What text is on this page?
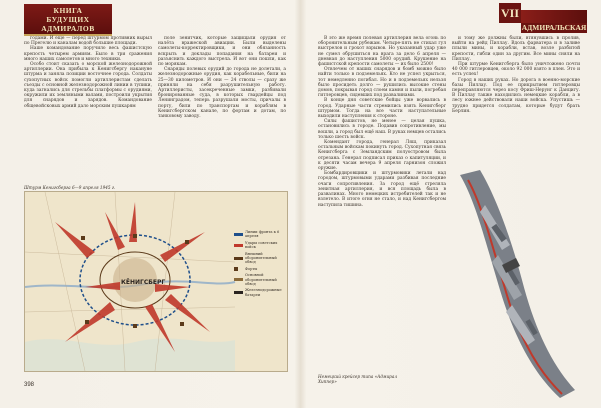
КНИГА
БУДУЩИХ
АДМИРАЛОВ
VII
АДМИРАЛЬСКАЯ

годами. И еще — перед штурмом противник вырыл по Прегелю и каналам водой большие площади.

Наше командование поручило весь фашистскую крепость четырем армиям. Было в три сражения много наших самолетов и много техники.

Особо стоит сказать о морской железнодорожной артиллерии. Она прибыла к Кенигсбергу накануне штурма и заняла позиции восточнее города. Солдаты сухопутных войск помогли артиллеристам сделать съезды с основной железнодорожной линии в тупики, куда загнались для стрельбы платформы с орудиями, окружили их земляными валами, построили укрытия для снарядов и зарядов. Командование общевойсковых армий дало морским пушкарям

поле зенитчик, которые защищали орудия от налёта вражеской авиации. Были выделены самолеты-корректировщики, и они обязанность вскрыть и доклады попадания на батареи и разъяснить каждого выстрела. И вот они пошли, как по морякам.

Снаряды полевых орудий до города не долетали, а железнодорожные орудия, как корабельные, били на 25—30 километров. И они — 24 стволы — сразу же приняли на себя разрушительную работу. Артиллеристы, засекреченные замки, разбивали бронированные суда, в которых гвардейцы под Ленинградом, теперь разрушали мосты, причалы в порту, били по транспортам и кораблям в Кенигсбергском канале, по фортам и дотам, по танковому заводу.

Штурм Кенигсберга 6—9 апреля 1945 г.
КЁНИГСБЕРГ
Линии фронта к 6 апреля
Удары советских войск
Внешний оборонительный обвод
Форты
Основной оборонительный обвод
Железнодорожные батареи
398

В это же время полевая артиллерия вела огонь по оборонительным рубежам. Четыре-пять не стихал гул выстрелов и грохот взрывов. Но указанный удар уже не сумел обрушиться на врага за дело 6 апреля — дневная до наступления 5000 орудий. Крушение на фашистской крепости самолеты — их было 2500!

Отвлечем от наших снарядов и бомб можно было найти только в подземельях. Кто не успел укрыться, тот немедленно погибал. Но и в подземельях нельзя было просидеть долго — рушились высокие стены домов, покрывая город слоем камня и пыли, погребая гитлеровцев, сидевших под развалинами.

В конце дня советские бойцы уже ворвались в город. Ударные части стремились взять Кенигсберг штурмом. Тогда на все части наступательные выходили наступления к стороне.

Силы фашистов, не менее — целая пушка, остановились в городе. Подавив сопротивление, мы вошли, а город был ещё наш. В руках немцев остались только шесть войск.

Комендант города, генерал Ляш, приказал остальным войскам покинуть город. Сухопутная связь Кенигсберга с Земландским полуостровом была отрезана. Генерал подписал приказ о капитуляции, и к десяти часам вечера 9 апреля гарнизон сложил оружие.

Бомбардировщики и штурмовики летали над городом, штурмовыми ударами разбивая последние очаги сопротивления. За город ещё стреляла зенитная артиллерия, и вся площадь была в развалинах. Много немецких истребителей так и не взлетело. В итоге огня не стало, и над Кенигсбергом наступила тишина.

и тому же должны были, втянувшись в пролив, выйти на рейд Пиллау. Вдоль фарватера и в заливе плыли мины, и корабли, встав, возле разбитой крепости, гибли один за другим. Все мины сняли на Пиллау.

При штурме Кенигсберга было уничтожено почти 40 000 гитлеровцев, около 92 000 взято в плен. Это и есть успех!

Город в наших руках. Но дорога в военно-морские базы Пиллау. Под ее прикрытием гитлеровцы переправляются через косу Фриш-Нерунг к Данцигу. В Пиллау также находились немецкие корабли, а в лесу южнее действовали наши войска. Упустишь — трудно придется солдатам, которые будут брать Берлин.

Немецкий крейсер типа «Адмирал Хиппер»
